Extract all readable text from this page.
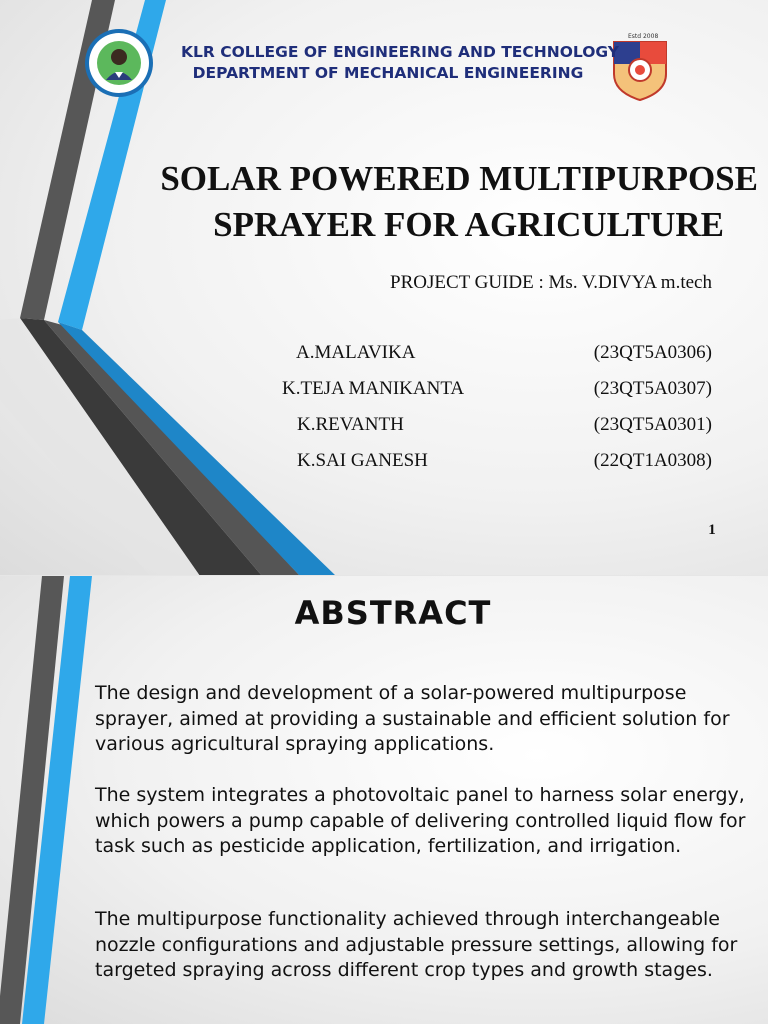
Estd 2008
KLR COLLEGE OF ENGINEERING AND TECHNOLOGY
DEPARTMENT OF MECHANICAL ENGINEERING
SOLAR POWERED MULTIPURPOSE
SPRAYER FOR AGRICULTURE
PROJECT GUIDE : Ms. V.DIVYA m.tech
A.MALAVIKA	(23QT5A0306)
K.TEJA MANIKANTA	(23QT5A0307)
K.REVANTH	(23QT5A0301)
K.SAI GANESH	(22QT1A0308)
1
ABSTRACT
The design and development of a solar-powered multipurpose sprayer, aimed at providing a sustainable and efficient solution for various agricultural spraying applications.
The system integrates a photovoltaic panel to harness solar energy, which powers a pump capable of delivering controlled liquid flow for task such as pesticide application, fertilization, and irrigation.
The multipurpose functionality achieved through interchangeable nozzle configurations and adjustable pressure settings, allowing for targeted spraying across different crop types and growth stages.
